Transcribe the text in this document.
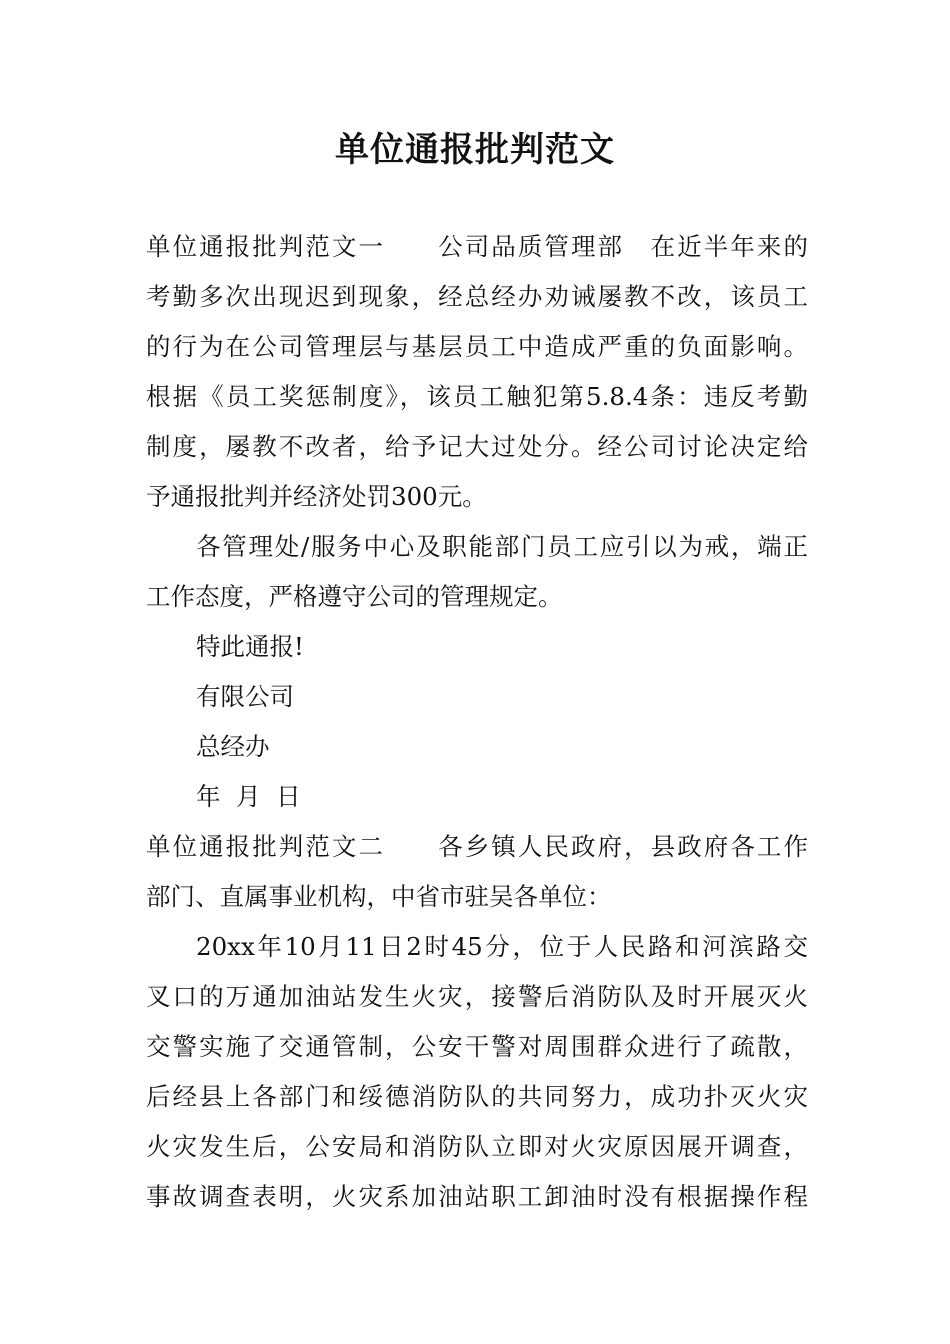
单位通报批判范文
单位通报批判范文一　　公司品质管理部　在近半年来的
考勤多次出现迟到现象，经总经办劝诫屡教不改，该员工
的行为在公司管理层与基层员工中造成严重的负面影响。
根据《员工奖惩制度》，该员工触犯第5.8.4条：违反考勤
制度，屡教不改者，给予记大过处分。经公司讨论决定给
予通报批判并经济处罚300元。
各管理处/服务中心及职能部门员工应引以为戒，端正
工作态度，严格遵守公司的管理规定。
特此通报!
有限公司
总经办
年  月  日
单位通报批判范文二　　各乡镇人民政府，县政府各工作
部门、直属事业机构，中省市驻吴各单位：
20xx年10月11日2时45分，位于人民路和河滨路交
叉口的万通加油站发生火灾，接警后消防队及时开展灭火
交警实施了交通管制，公安干警对周围群众进行了疏散，
后经县上各部门和绥德消防队的共同努力，成功扑灭火灾
火灾发生后，公安局和消防队立即对火灾原因展开调查，
事故调查表明，火灾系加油站职工卸油时没有根据操作程
